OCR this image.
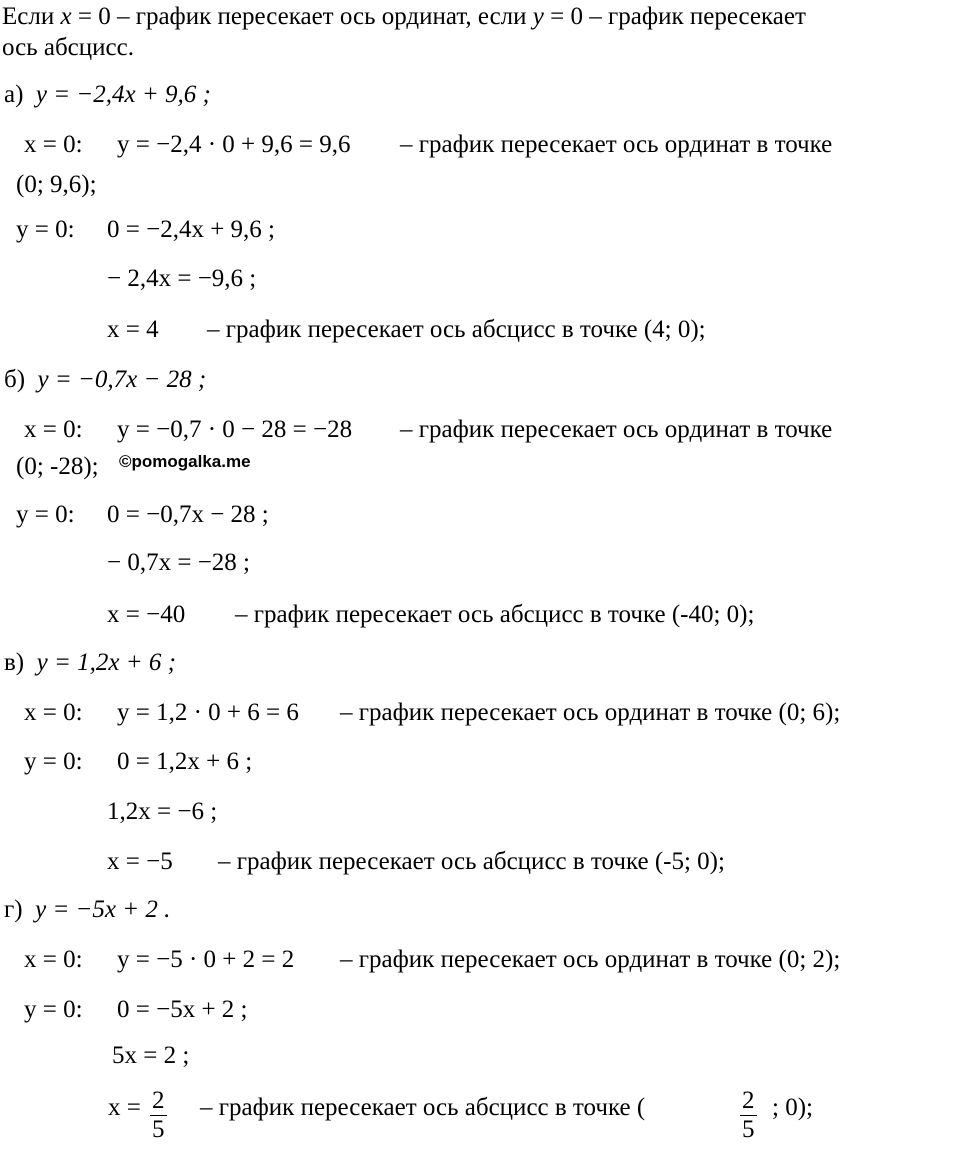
Если x = 0 – график пересекает ось ординат, если y = 0 – график пересекает
ось абсцисс.
а) y = −2,4x + 9,6 ;
x = 0: y = −2,4 · 0 + 9,6 = 9,6 – график пересекает ось ординат в точке
(0; 9,6);
y = 0: 0 = −2,4x + 9,6 ;
− 2,4x = −9,6 ;
x = 4 – график пересекает ось абсцисс в точке (4; 0);
б) y = −0,7x − 28 ;
x = 0: y = −0,7 · 0 − 28 = −28 – график пересекает ось ординат в точке
(0; -28); ©pomogalka.me
y = 0: 0 = −0,7x − 28 ;
− 0,7x = −28 ;
x = −40 – график пересекает ось абсцисс в точке (-40; 0);
в) y = 1,2x + 6 ;
x = 0: y = 1,2 · 0 + 6 = 6 – график пересекает ось ординат в точке (0; 6);
y = 0: 0 = 1,2x + 6 ;
1,2x = −6 ;
x = −5 – график пересекает ось абсцисс в точке (-5; 0);
г) y = −5x + 2 .
x = 0: y = −5 · 0 + 2 = 2 – график пересекает ось ординат в точке (0; 2);
y = 0: 0 = −5x + 2 ;
5x = 2 ;
$x = \frac{2}{5}$ – график пересекает ось абсцисс в точке (	$\frac{2}{5}$ ; 0);
